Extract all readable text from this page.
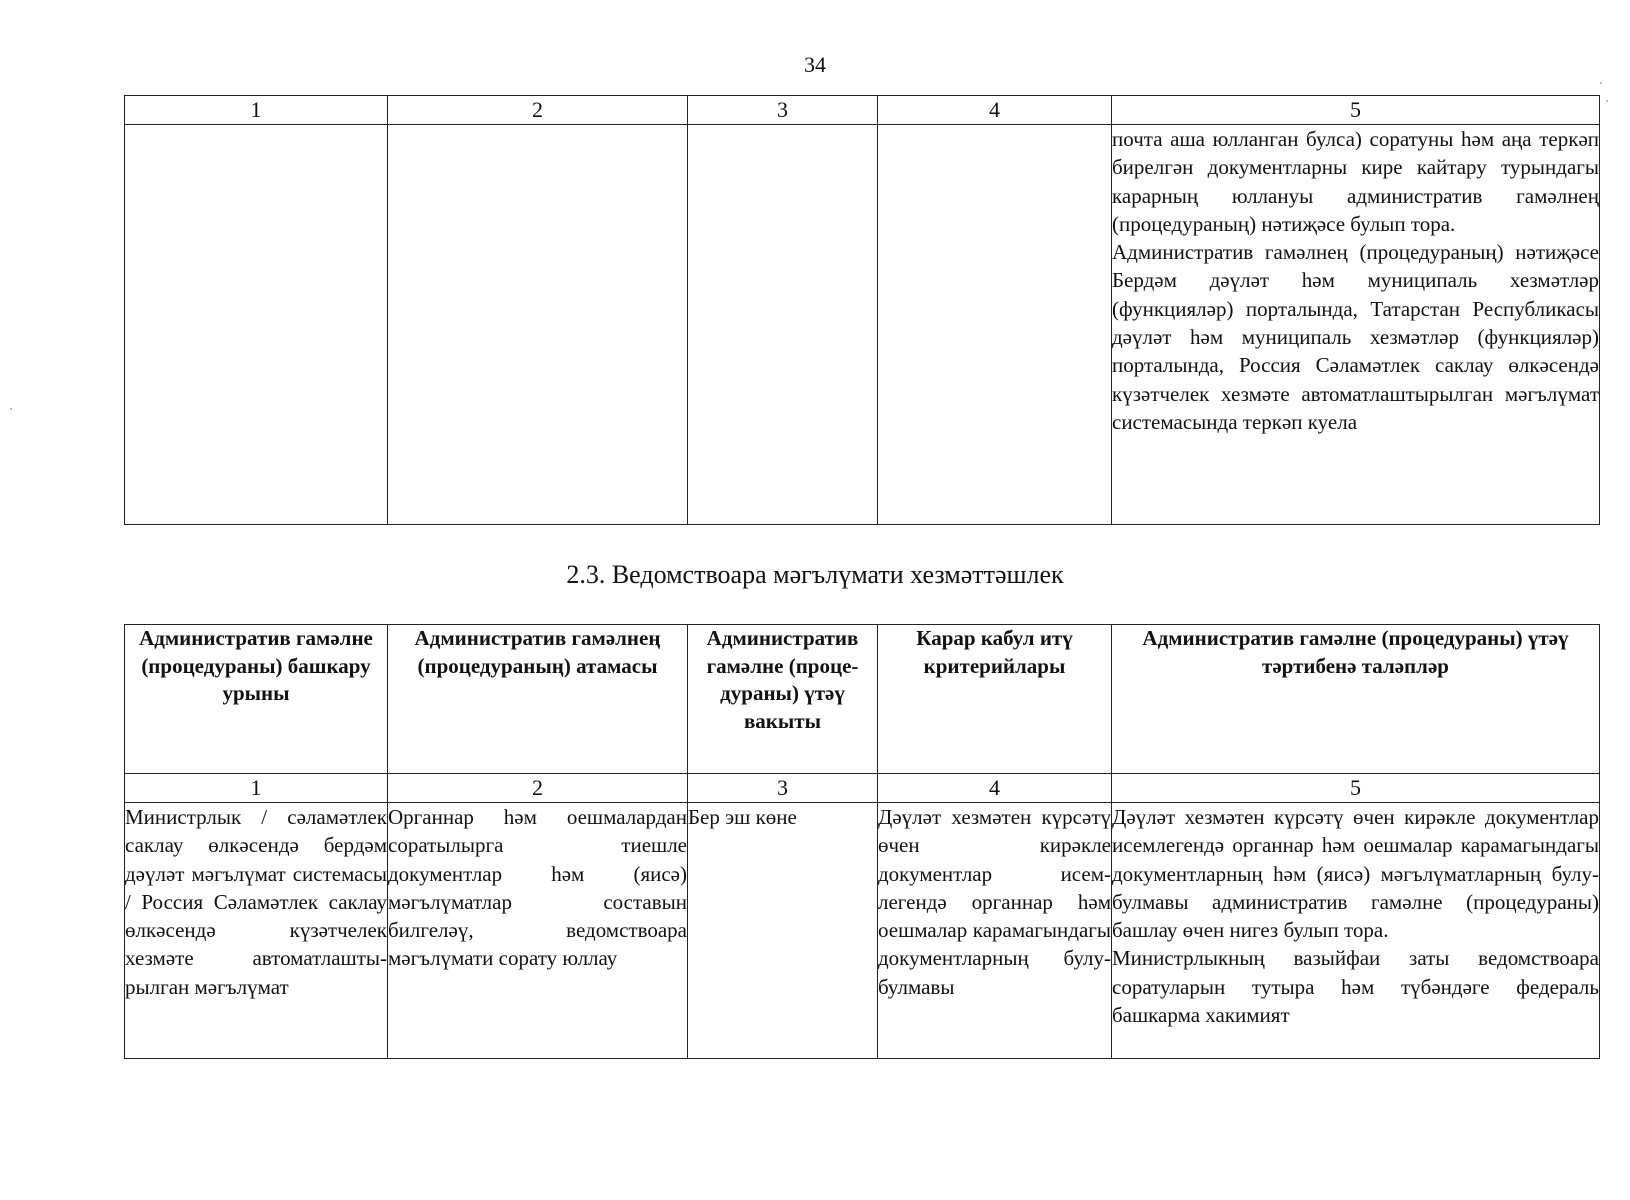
34
1	2	3	4	5

				почта аша юлланган булса) соратуны һәм аңа теркәп бирелгән документларны кире кайтару турындагы карарның юллануы административ гамәлнең (процедураның) нәтиҗәсе булып тора.

Административ гамәлнең (процедураның) нәтиҗәсе Бердәм дәүләт һәм муниципаль хезмәтләр (функцияләр) порталында, Татарстан Республикасы дәүләт һәм муниципаль хезмәтләр (функцияләр) порталында, Россия Сәламәтлек саклау өлкәсендә күзәтчелек хезмәте автоматлаштырылган мәгълүмат системасында теркәп куела

2.3. Ведомствоара мәгълүмати хезмәттәшлек
Административ гамәлне (процедураны) башкару урыны	Административ гамәлнең (процедураның) атамасы	Административ гамәлне (проце-дураны) үтәү вакыты	Карар кабул итү критерийлары	Административ гамәлне (процедураны) үтәү тәртибенә таләпләр
1	2	3	4	5
Министрлык / сәламәтлек саклау өлкәсендә бердәм дәүләт мәгълүмат системасы / Россия Сәламәтлек саклау өлкәсендә күзәтчелек хезмәте автоматлашты-рылган мәгълүмат	Органнар һәм оешмалардан соратылырга тиешле документлар һәм (яисә) мәгълүматлар составын билгеләү, ведомствоара мәгълүмати сорату юллау	Бер эш көне	Дәүләт хезмәтен күрсәтү өчен кирәкле документлар исем-легендә органнар һәм оешмалар карамагындагы документларның булу-булмавы	Дәүләт хезмәтен күрсәтү өчен кирәкле документлар исемлегендә органнар һәм оешмалар карамагындагы документларның һәм (яисә) мәгълүматларның булу-булмавы административ гамәлне (процедураны) башлау өчен нигез булып тора.

Министрлыкның вазыйфаи заты ведомствоара соратуларын тутыра һәм түбәндәге федераль башкарма хакимият
